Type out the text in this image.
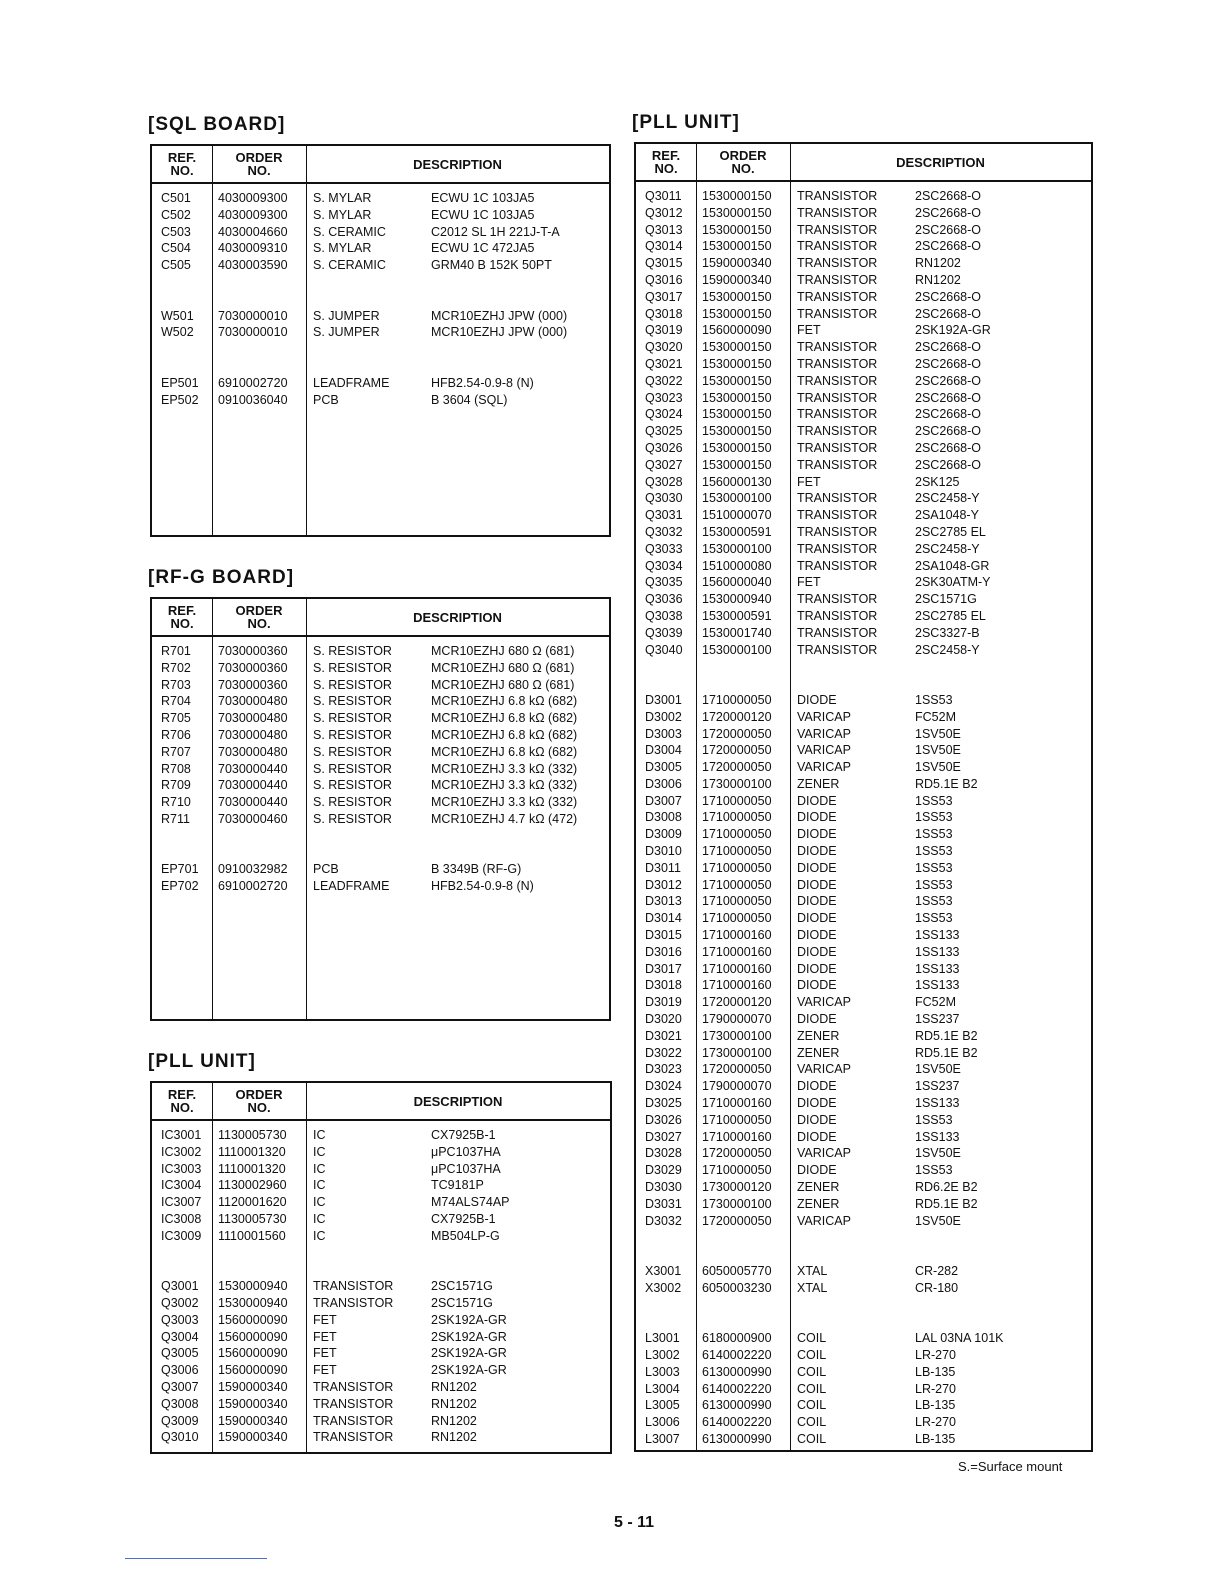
[SQL BOARD]
REF.
NO.
ORDER
NO.	DESCRIPTION
C501 4030009300 S. MYLAR	ECWU 1C 103JA5
C502 4030009300 S. MYLAR	ECWU 1C 103JA5
C503 4030004660 S. CERAMIC	C2012 SL 1H 221J-T-A
C504 4030009310 S. MYLAR	ECWU 1C 472JA5
C505 4030003590 S. CERAMIC	GRM40 B 152K 50PT
W501 7030000010 S. JUMPER	MCR10EZHJ JPW (000)
W502 7030000010 S. JUMPER	MCR10EZHJ JPW (000)
EP501 6910002720 LEADFRAME	HFB2.54-0.9-8 (N)
EP502 0910036040 PCB	B 3604 (SQL)
[RF-G BOARD]
REF.
NO.
ORDER
NO.	DESCRIPTION
R701 7030000360 S. RESISTOR	MCR10EZHJ 680 Ω (681)
R702 7030000360 S. RESISTOR	MCR10EZHJ 680 Ω (681)
R703 7030000360 S. RESISTOR	MCR10EZHJ 680 Ω (681)
R704 7030000480 S. RESISTOR	MCR10EZHJ 6.8 kΩ (682)
R705 7030000480 S. RESISTOR	MCR10EZHJ 6.8 kΩ (682)
R706 7030000480 S. RESISTOR	MCR10EZHJ 6.8 kΩ (682)
R707 7030000480 S. RESISTOR	MCR10EZHJ 6.8 kΩ (682)
R708 7030000440 S. RESISTOR	MCR10EZHJ 3.3 kΩ (332)
R709 7030000440 S. RESISTOR	MCR10EZHJ 3.3 kΩ (332)
R710 7030000440 S. RESISTOR	MCR10EZHJ 3.3 kΩ (332)
R711 7030000460 S. RESISTOR	MCR10EZHJ 4.7 kΩ (472)
EP701 0910032982 PCB	B 3349B (RF-G)
EP702 6910002720 LEADFRAME	HFB2.54-0.9-8 (N)
[PLL UNIT]
REF.
NO.
ORDER
NO.	DESCRIPTION
IC3001 1130005730 IC	CX7925B-1
IC3002 1110001320 IC	μPC1037HA
IC3003 1110001320 IC	μPC1037HA
IC3004 1130002960 IC	TC9181P
IC3007 1120001620 IC	M74ALS74AP
IC3008 1130005730 IC	CX7925B-1
IC3009 1110001560 IC	MB504LP-G
Q3001 1530000940 TRANSISTOR	2SC1571G
Q3002 1530000940 TRANSISTOR	2SC1571G
Q3003 1560000090 FET	2SK192A-GR
Q3004 1560000090 FET	2SK192A-GR
Q3005 1560000090 FET	2SK192A-GR
Q3006 1560000090 FET	2SK192A-GR
Q3007 1590000340 TRANSISTOR	RN1202
Q3008 1590000340 TRANSISTOR	RN1202
Q3009 1590000340 TRANSISTOR	RN1202
Q3010 1590000340 TRANSISTOR	RN1202
[PLL UNIT]
REF.
NO.
ORDER
NO.	DESCRIPTION
Q3011 1530000150 TRANSISTOR	2SC2668-O
Q3012 1530000150 TRANSISTOR	2SC2668-O
Q3013 1530000150 TRANSISTOR	2SC2668-O
Q3014 1530000150 TRANSISTOR	2SC2668-O
Q3015 1590000340 TRANSISTOR	RN1202
Q3016 1590000340 TRANSISTOR	RN1202
Q3017 1530000150 TRANSISTOR	2SC2668-O
Q3018 1530000150 TRANSISTOR	2SC2668-O
Q3019 1560000090 FET	2SK192A-GR
Q3020 1530000150 TRANSISTOR	2SC2668-O
Q3021 1530000150 TRANSISTOR	2SC2668-O
Q3022 1530000150 TRANSISTOR	2SC2668-O
Q3023 1530000150 TRANSISTOR	2SC2668-O
Q3024 1530000150 TRANSISTOR	2SC2668-O
Q3025 1530000150 TRANSISTOR	2SC2668-O
Q3026 1530000150 TRANSISTOR	2SC2668-O
Q3027 1530000150 TRANSISTOR	2SC2668-O
Q3028 1560000130 FET	2SK125
Q3030 1530000100 TRANSISTOR	2SC2458-Y
Q3031 1510000070 TRANSISTOR	2SA1048-Y
Q3032 1530000591 TRANSISTOR	2SC2785 EL
Q3033 1530000100 TRANSISTOR	2SC2458-Y
Q3034 1510000080 TRANSISTOR	2SA1048-GR
Q3035 1560000040 FET	2SK30ATM-Y
Q3036 1530000940 TRANSISTOR	2SC1571G
Q3038 1530000591 TRANSISTOR	2SC2785 EL
Q3039 1530001740 TRANSISTOR	2SC3327-B
Q3040 1530000100 TRANSISTOR	2SC2458-Y
D3001 1710000050 DIODE	1SS53
D3002 1720000120 VARICAP	FC52M
D3003 1720000050 VARICAP	1SV50E
D3004 1720000050 VARICAP	1SV50E
D3005 1720000050 VARICAP	1SV50E
D3006 1730000100 ZENER	RD5.1E B2
D3007 1710000050 DIODE	1SS53
D3008 1710000050 DIODE	1SS53
D3009 1710000050 DIODE	1SS53
D3010 1710000050 DIODE	1SS53
D3011 1710000050 DIODE	1SS53
D3012 1710000050 DIODE	1SS53
D3013 1710000050 DIODE	1SS53
D3014 1710000050 DIODE	1SS53
D3015 1710000160 DIODE	1SS133
D3016 1710000160 DIODE	1SS133
D3017 1710000160 DIODE	1SS133
D3018 1710000160 DIODE	1SS133
D3019 1720000120 VARICAP	FC52M
D3020 1790000070 DIODE	1SS237
D3021 1730000100 ZENER	RD5.1E B2
D3022 1730000100 ZENER	RD5.1E B2
D3023 1720000050 VARICAP	1SV50E
D3024 1790000070 DIODE	1SS237
D3025 1710000160 DIODE	1SS133
D3026 1710000050 DIODE	1SS53
D3027 1710000160 DIODE	1SS133
D3028 1720000050 VARICAP	1SV50E
D3029 1710000050 DIODE	1SS53
D3030 1730000120 ZENER	RD6.2E B2
D3031 1730000100 ZENER	RD5.1E B2
D3032 1720000050 VARICAP	1SV50E
X3001 6050005770 XTAL	CR-282
X3002 6050003230 XTAL	CR-180
L3001 6180000900 COIL	LAL 03NA 101K
L3002 6140002220 COIL	LR-270
L3003 6130000990 COIL	LB-135
L3004 6140002220 COIL	LR-270
L3005 6130000990 COIL	LB-135
L3006 6140002220 COIL	LR-270
L3007 6130000990 COIL	LB-135
S.=Surface mount
5 - 11
